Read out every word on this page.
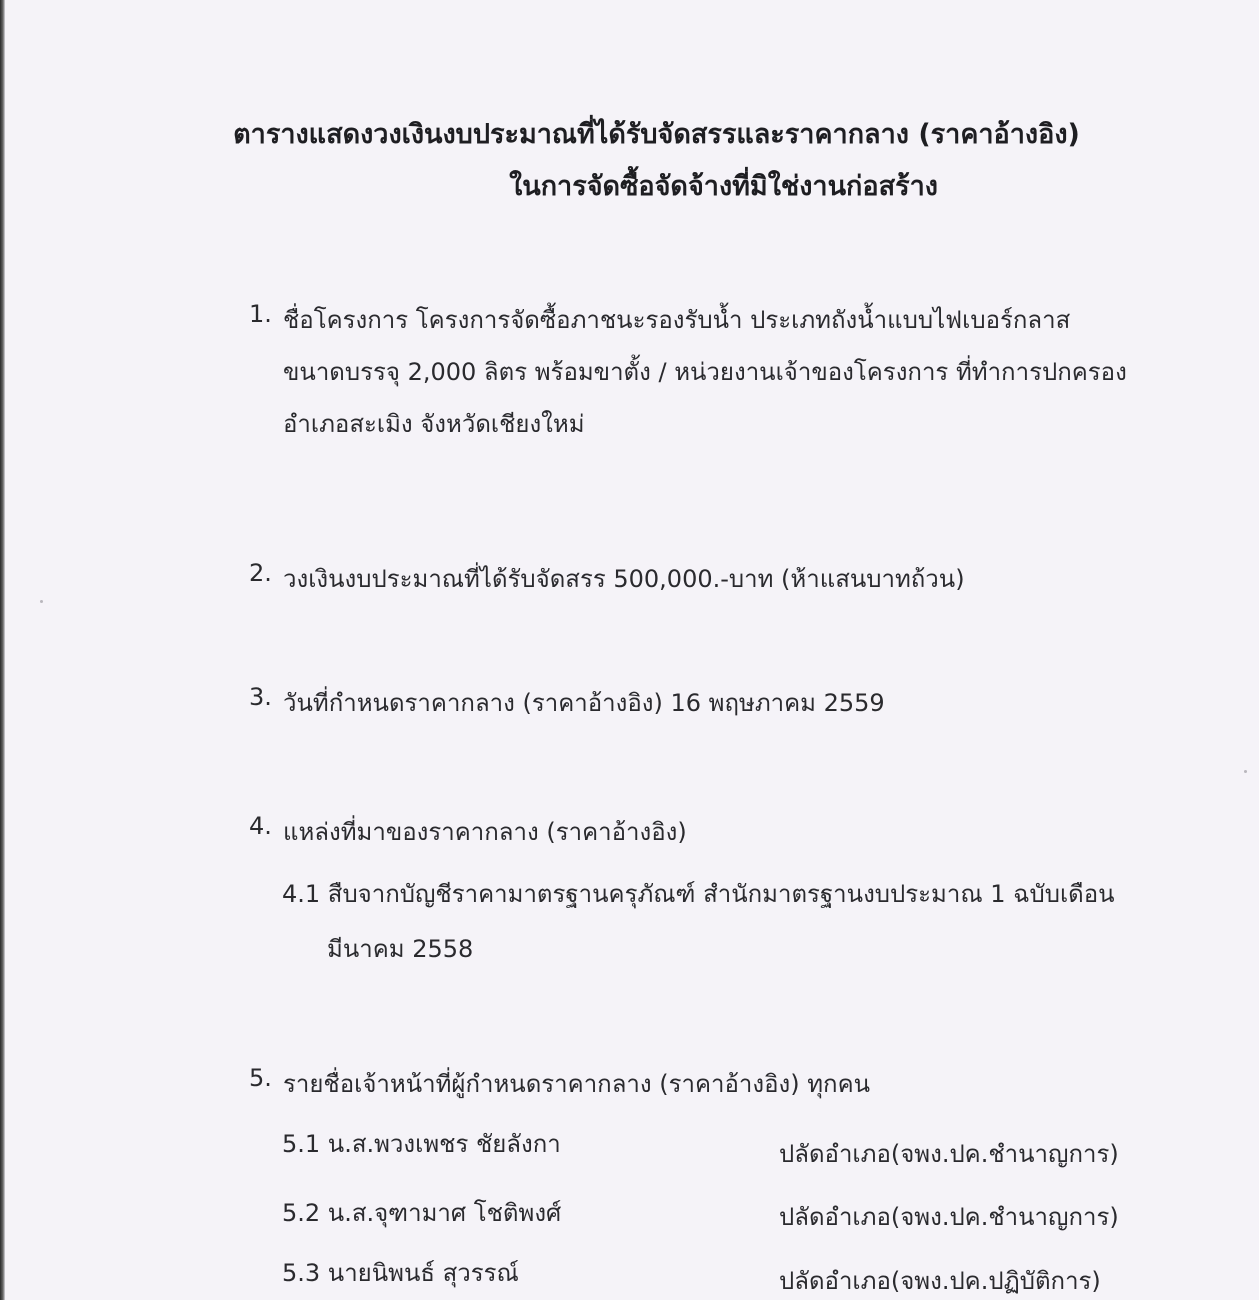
ตารางแสดงวงเงินงบประมาณที่ได้รับจัดสรรและราคากลาง (ราคาอ้างอิง)
ในการจัดซื้อจัดจ้างที่มิใช่งานก่อสร้าง
1. ชื่อโครงการ โครงการจัดซื้อภาชนะรองรับน้ำ ประเภทถังน้ำแบบไฟเบอร์กลาส
ขนาดบรรจุ 2,000 ลิตร พร้อมขาตั้ง / หน่วยงานเจ้าของโครงการ ที่ทำการปกครอง
อำเภอสะเมิง จังหวัดเชียงใหม่
2. วงเงินงบประมาณที่ได้รับจัดสรร 500,000.-บาท (ห้าแสนบาทถ้วน)
3. วันที่กำหนดราคากลาง (ราคาอ้างอิง) 16 พฤษภาคม 2559
4. แหล่งที่มาของราคากลาง (ราคาอ้างอิง)
4.1 สืบจากบัญชีราคามาตรฐานครุภัณฑ์ สำนักมาตรฐานงบประมาณ 1 ฉบับเดือน
มีนาคม 2558
5. รายชื่อเจ้าหน้าที่ผู้กำหนดราคากลาง (ราคาอ้างอิง) ทุกคน
5.1 น.ส.พวงเพชร ชัยลังกา	ปลัดอำเภอ(จพง.ปค.ชำนาญการ)
5.2 น.ส.จุฑามาศ โชติพงศ์	ปลัดอำเภอ(จพง.ปค.ชำนาญการ)
5.3 นายนิพนธ์ สุวรรณ์	ปลัดอำเภอ(จพง.ปค.ปฏิบัติการ)
